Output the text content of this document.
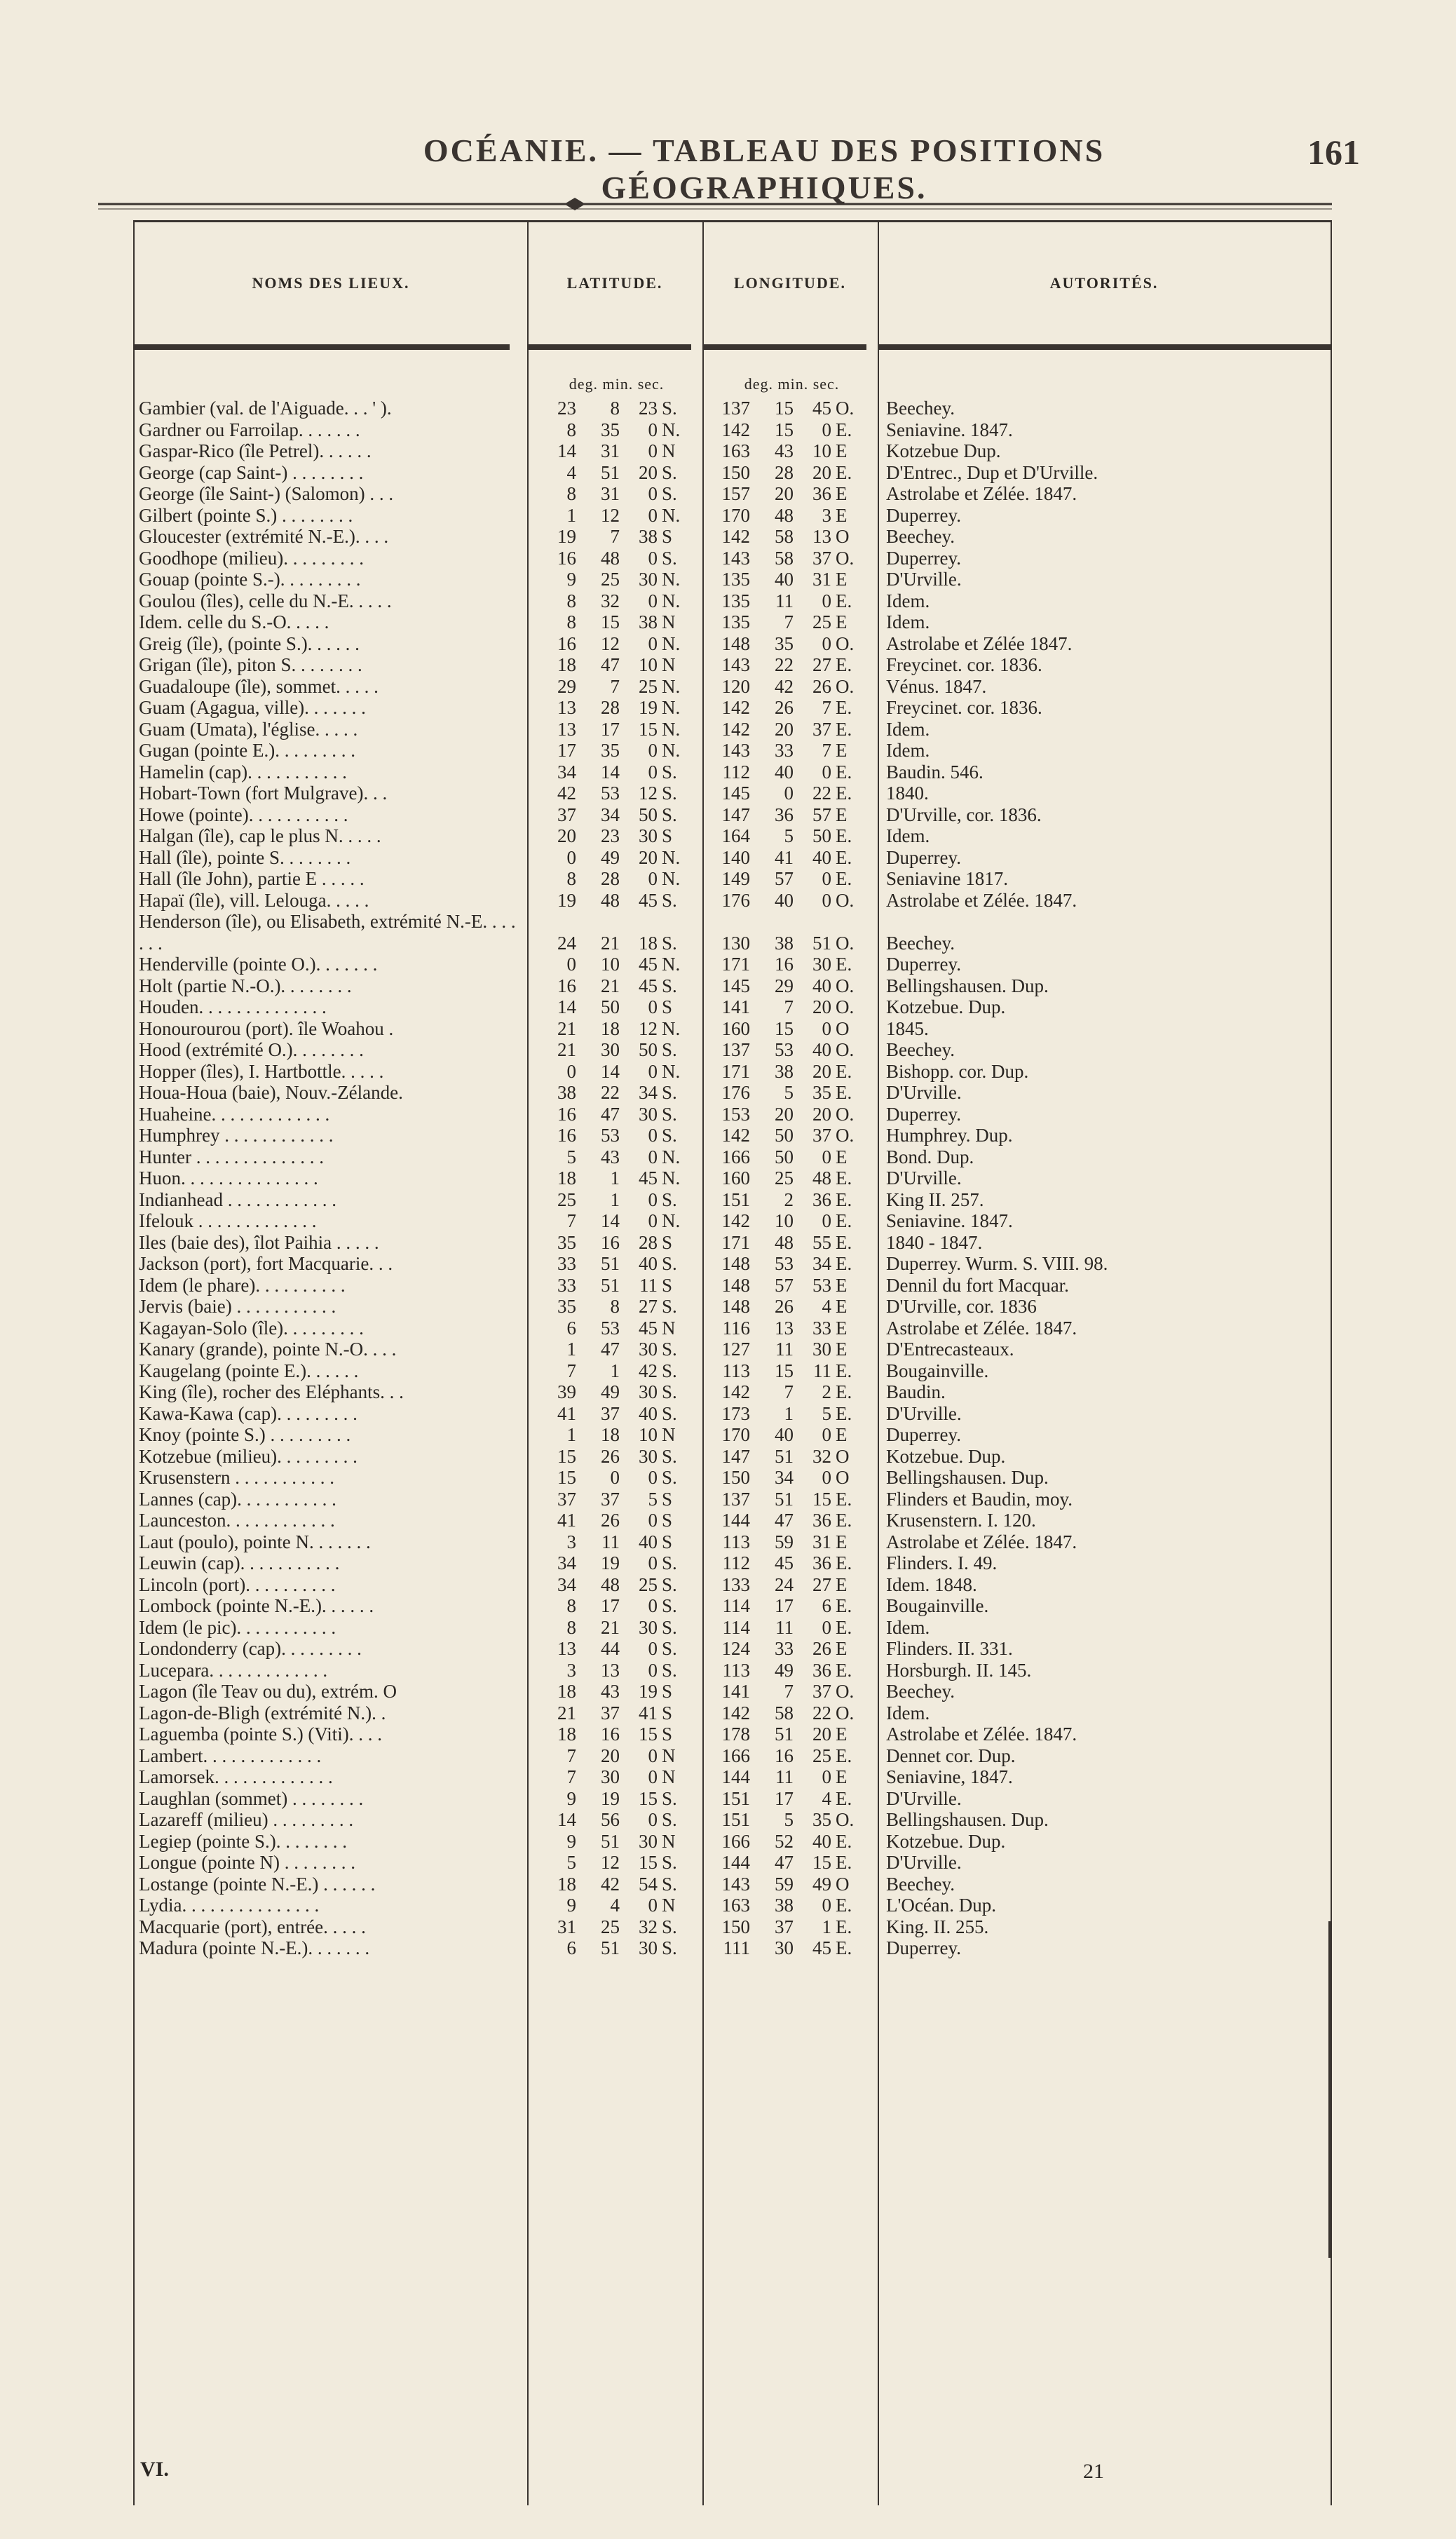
OCÉANIE. — TABLEAU DES POSITIONS GÉOGRAPHIQUES.
161
NOMS DES LIEUX.	LATITUDE.	LONGITUDE.	AUTORITÉS.
deg. min. sec.	deg. min. sec.
Gambier (val. de l'Aiguade. . . ' ).	23 8 23 S.	137 15 45 O.	Beechey.
Gardner ou Farroilap. . . . . . .	8 35 0 N.	142 15 0 E.	Seniavine. 1847.
Gaspar-Rico (île Petrel). . . . . .	14 31 0 N	163 43 10 E	Kotzebue Dup.
George (cap Saint-) . . . . . . . .	4 51 20 S.	150 28 20 E.	D'Entrec., Dup et D'Urville.
George (île Saint-) (Salomon) . . .	8 31 0 S.	157 20 36 E	Astrolabe et Zélée. 1847.
Gilbert (pointe S.) . . . . . . . .	1 12 0 N.	170 48 3 E	Duperrey.
Gloucester (extrémité N.-E.). . . .	19 7 38 S	142 58 13 O	Beechey.
Goodhope (milieu). . . . . . . . .	16 48 0 S.	143 58 37 O.	Duperrey.
Gouap (pointe S.-). . . . . . . . .	9 25 30 N.	135 40 31 E	D'Urville.
Goulou (îles), celle du N.-E. . . . .	8 32 0 N.	135 11 0 E.	Idem.
Idem. celle du S.-O. . . . .	8 15 38 N	135 7 25 E	Idem.
Greig (île), (pointe S.). . . . . .	16 12 0 N.	148 35 0 O.	Astrolabe et Zélée 1847.
Grigan (île), piton S. . . . . . . .	18 47 10 N	143 22 27 E.	Freycinet. cor. 1836.
Guadaloupe (île), sommet. . . . .	29 7 25 N.	120 42 26 O.	Vénus. 1847.
Guam (Agagua, ville). . . . . . .	13 28 19 N.	142 26 7 E.	Freycinet. cor. 1836.
Guam (Umata), l'église. . . . .	13 17 15 N.	142 20 37 E.	Idem.
Gugan (pointe E.). . . . . . . . .	17 35 0 N.	143 33 7 E	Idem.
Hamelin (cap). . . . . . . . . . .	34 14 0 S.	112 40 0 E.	Baudin. 546.
Hobart-Town (fort Mulgrave). . .	42 53 12 S.	145 0 22 E.	1840.
Howe (pointe). . . . . . . . . . .	37 34 50 S.	147 36 57 E	D'Urville, cor. 1836.
Halgan (île), cap le plus N. . . . .	20 23 30 S	164 5 50 E.	Idem.
Hall (île), pointe S. . . . . . . .	0 49 20 N.	140 41 40 E.	Duperrey.
Hall (île John), partie E . . . . .	8 28 0 N.	149 57 0 E.	Seniavine 1817.
Hapaï (île), vill. Lelouga. . . . .	19 48 45 S.	176 40 0 O.	Astrolabe et Zélée. 1847.
Henderson (île), ou Elisabeth, extrémité N.-E. . . . . . .	24 21 18 S.	130 38 51 O.	Beechey.
Henderville (pointe O.). . . . . . .	0 10 45 N.	171 16 30 E.	Duperrey.
Holt (partie N.-O.). . . . . . . .	16 21 45 S.	145 29 40 O.	Bellingshausen. Dup.
Houden. . . . . . . . . . . . . .	14 50 0 S	141 7 20 O.	Kotzebue. Dup.
Honourourou (port). île Woahou .	21 18 12 N.	160 15 0 O	1845.
Hood (extrémité O.). . . . . . . .	21 30 50 S.	137 53 40 O.	Beechey.
Hopper (îles), I. Hartbottle. . . . .	0 14 0 N.	171 38 20 E.	Bishopp. cor. Dup.
Houa-Houa (baie), Nouv.-Zélande.	38 22 34 S.	176 5 35 E.	D'Urville.
Huaheine. . . . . . . . . . . . .	16 47 30 S.	153 20 20 O.	Duperrey.
Humphrey . . . . . . . . . . . .	16 53 0 S.	142 50 37 O.	Humphrey. Dup.
Hunter . . . . . . . . . . . . . .	5 43 0 N.	166 50 0 E	Bond. Dup.
Huon. . . . . . . . . . . . . . .	18 1 45 N.	160 25 48 E.	D'Urville.
Indianhead . . . . . . . . . . . .	25 1 0 S.	151 2 36 E.	King II. 257.
Ifelouk . . . . . . . . . . . . .	7 14 0 N.	142 10 0 E.	Seniavine. 1847.
Iles (baie des), îlot Paihia . . . . .	35 16 28 S	171 48 55 E.	1840 - 1847.
Jackson (port), fort Macquarie. . .	33 51 40 S.	148 53 34 E.	Duperrey. Wurm. S. VIII. 98.
Idem (le phare). . . . . . . . . .	33 51 11 S	148 57 53 E	Dennil du fort Macquar.
Jervis (baie) . . . . . . . . . . .	35 8 27 S.	148 26 4 E	D'Urville, cor. 1836
Kagayan-Solo (île). . . . . . . . .	6 53 45 N	116 13 33 E	Astrolabe et Zélée. 1847.
Kanary (grande), pointe N.-O. . . .	1 47 30 S.	127 11 30 E	D'Entrecasteaux.
Kaugelang (pointe E.). . . . . .	7 1 42 S.	113 15 11 E.	Bougainville.
King (île), rocher des Eléphants. . .	39 49 30 S.	142 7 2 E.	Baudin.
Kawa-Kawa (cap). . . . . . . . .	41 37 40 S.	173 1 5 E.	D'Urville.
Knoy (pointe S.) . . . . . . . . .	1 18 10 N	170 40 0 E	Duperrey.
Kotzebue (milieu). . . . . . . . .	15 26 30 S.	147 51 32 O	Kotzebue. Dup.
Krusenstern . . . . . . . . . . .	15 0 0 S.	150 34 0 O	Bellingshausen. Dup.
Lannes (cap). . . . . . . . . . .	37 37 5 S	137 51 15 E.	Flinders et Baudin, moy.
Launceston. . . . . . . . . . . .	41 26 0 S	144 47 36 E.	Krusenstern. I. 120.
Laut (poulo), pointe N. . . . . . .	3 11 40 S	113 59 31 E	Astrolabe et Zélée. 1847.
Leuwin (cap). . . . . . . . . . .	34 19 0 S.	112 45 36 E.	Flinders. I. 49.
Lincoln (port). . . . . . . . . .	34 48 25 S.	133 24 27 E	Idem. 1848.
Lombock (pointe N.-E.). . . . . .	8 17 0 S.	114 17 6 E.	Bougainville.
Idem (le pic). . . . . . . . . . .	8 21 30 S.	114 11 0 E.	Idem.
Londonderry (cap). . . . . . . . .	13 44 0 S.	124 33 26 E	Flinders. II. 331.
Lucepara. . . . . . . . . . . . .	3 13 0 S.	113 49 36 E.	Horsburgh. II. 145.
Lagon (île Teav ou du), extrém. O	18 43 19 S	141 7 37 O.	Beechey.
Lagon-de-Bligh (extrémité N.). .	21 37 41 S	142 58 22 O.	Idem.
Laguemba (pointe S.) (Viti). . . .	18 16 15 S	178 51 20 E	Astrolabe et Zélée. 1847.
Lambert. . . . . . . . . . . . .	7 20 0 N	166 16 25 E.	Dennet cor. Dup.
Lamorsek. . . . . . . . . . . . .	7 30 0 N	144 11 0 E	Seniavine, 1847.
Laughlan (sommet) . . . . . . . .	9 19 15 S.	151 17 4 E.	D'Urville.
Lazareff (milieu) . . . . . . . . .	14 56 0 S.	151 5 35 O.	Bellingshausen. Dup.
Legiep (pointe S.). . . . . . . .	9 51 30 N	166 52 40 E.	Kotzebue. Dup.
Longue (pointe N) . . . . . . . .	5 12 15 S.	144 47 15 E.	D'Urville.
Lostange (pointe N.-E.) . . . . . .	18 42 54 S.	143 59 49 O	Beechey.
Lydia. . . . . . . . . . . . . . .	9 4 0 N	163 38 0 E.	L'Océan. Dup.
Macquarie (port), entrée. . . . .	31 25 32 S.	150 37 1 E.	King. II. 255.
Madura (pointe N.-E.). . . . . . .	6 51 30 S.	111 30 45 E.	Duperrey.
VI.	21
